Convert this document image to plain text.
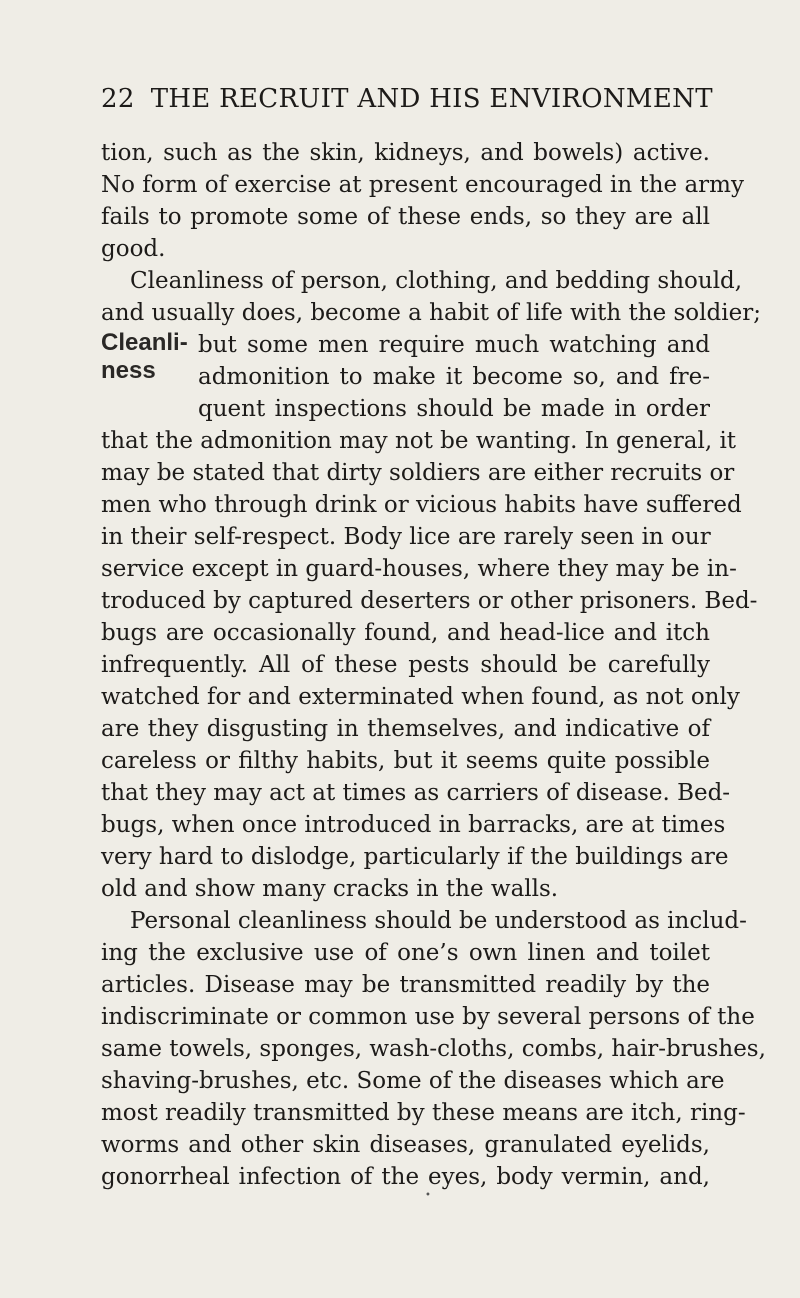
22 THE RECRUIT AND HIS ENVIRONMENT
Cleanli-
ness
tion, such as the skin, kidneys, and bowels) active.
No form of exercise at present encouraged in the army
fails to promote some of these ends, so they are all
good.
Cleanliness of person, clothing, and bedding should,
and usually does, become a habit of life with the soldier;
but some men require much watching and
admonition to make it become so, and fre-
quent inspections should be made in order
that the admonition may not be wanting. In general, it
may be stated that dirty soldiers are either recruits or
men who through drink or vicious habits have suffered
in their self-respect. Body lice are rarely seen in our
service except in guard-houses, where they may be in-
troduced by captured deserters or other prisoners. Bed-
bugs are occasionally found, and head-lice and itch
infrequently. All of these pests should be carefully
watched for and exterminated when found, as not only
are they disgusting in themselves, and indicative of
careless or filthy habits, but it seems quite possible
that they may act at times as carriers of disease. Bed-
bugs, when once introduced in barracks, are at times
very hard to dislodge, particularly if the buildings are
old and show many cracks in the walls.
Personal cleanliness should be understood as includ-
ing the exclusive use of one’s own linen and toilet
articles. Disease may be transmitted readily by the
indiscriminate or common use by several persons of the
same towels, sponges, wash-cloths, combs, hair-brushes,
shaving-brushes, etc. Some of the diseases which are
most readily transmitted by these means are itch, ring-
worms and other skin diseases, granulated eyelids,
gonorrheal infection of the eyes, body vermin, and,
•
